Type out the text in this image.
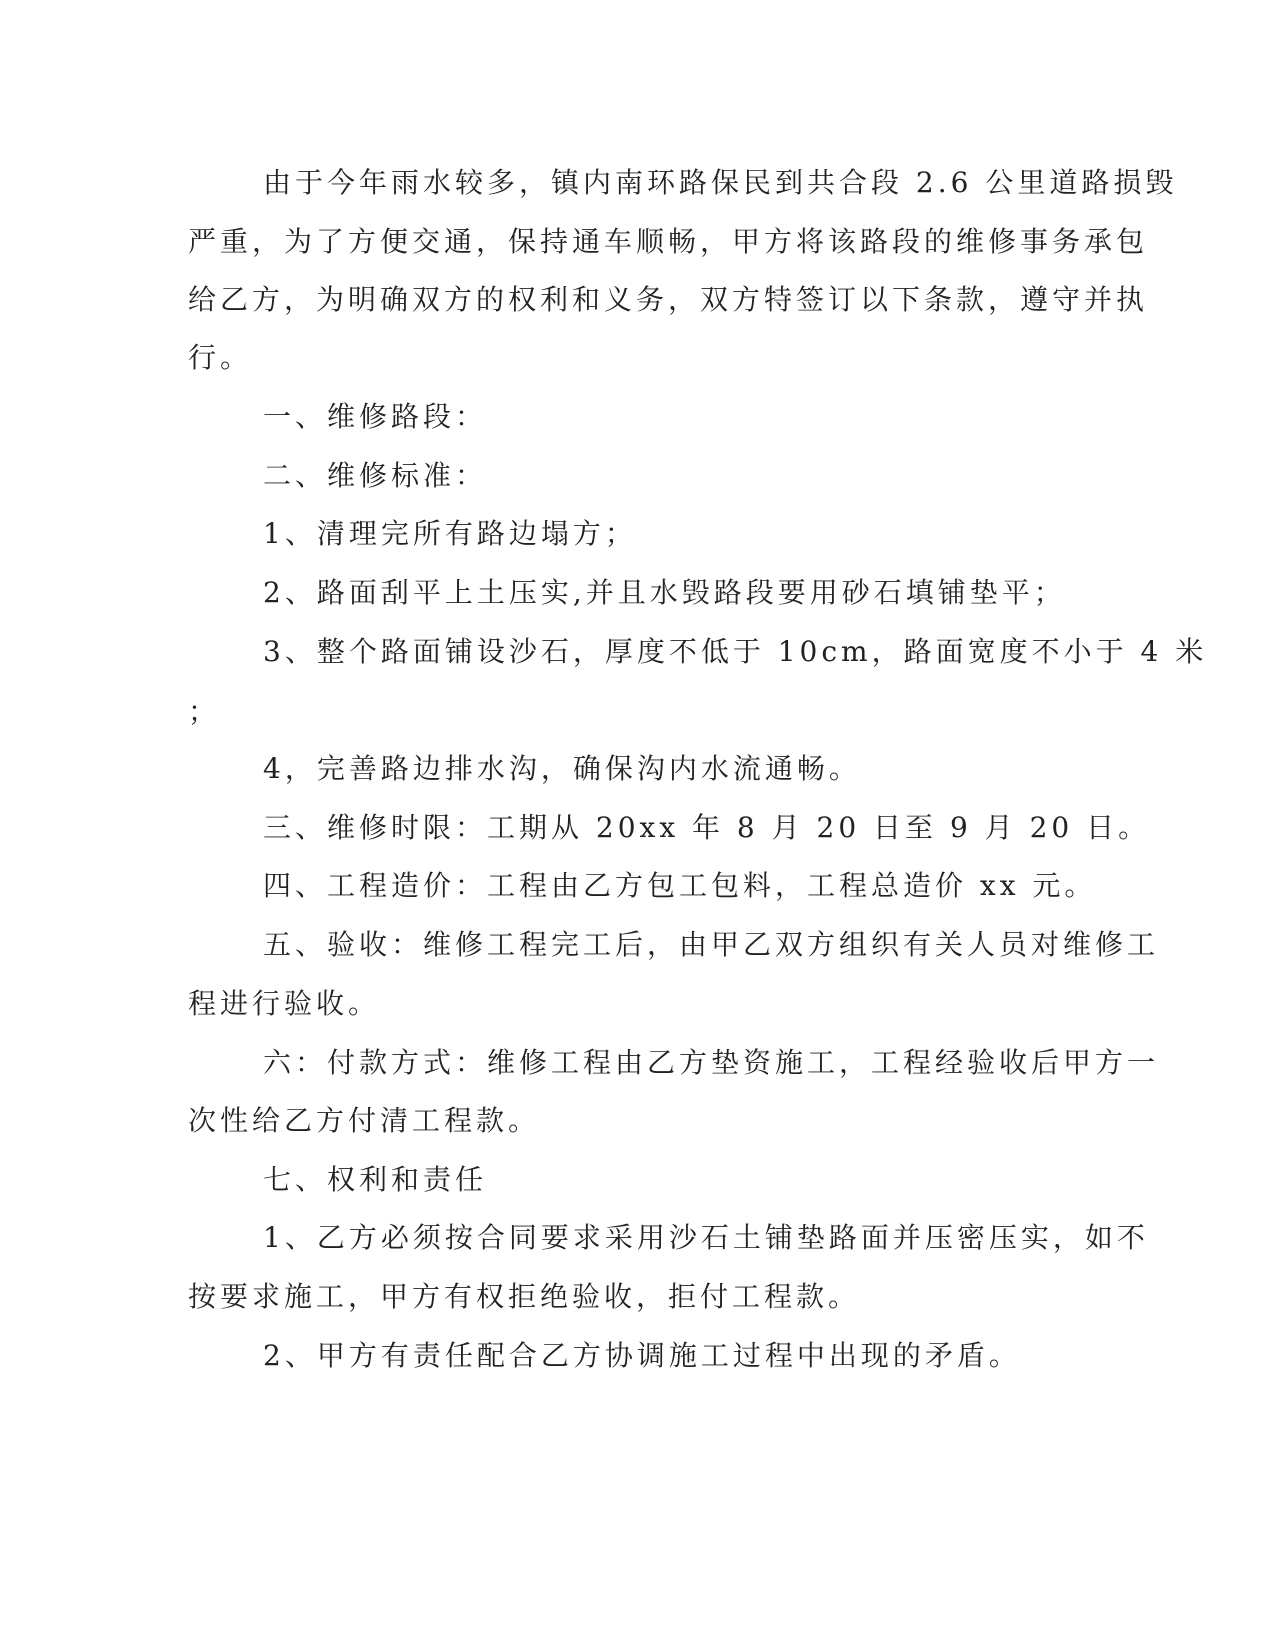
由于今年雨水较多，镇内南环路保民到共合段 2.6 公里道路损毁

严重，为了方便交通，保持通车顺畅，甲方将该路段的维修事务承包

给乙方，为明确双方的权利和义务，双方特签订以下条款，遵守并执

行。

一、维修路段：

二、维修标准：

1、清理完所有路边塌方；

2、路面刮平上土压实,并且水毁路段要用砂石填铺垫平；

3、整个路面铺设沙石，厚度不低于 10cm，路面宽度不小于 4 米

；

4，完善路边排水沟，确保沟内水流通畅。

三、维修时限：工期从 20xx 年 8 月 20 日至 9 月 20 日。

四、工程造价：工程由乙方包工包料，工程总造价 xx 元。

五、验收：维修工程完工后，由甲乙双方组织有关人员对维修工

程进行验收。

六：付款方式：维修工程由乙方垫资施工，工程经验收后甲方一

次性给乙方付清工程款。

七、权利和责任

1、乙方必须按合同要求采用沙石土铺垫路面并压密压实，如不

按要求施工，甲方有权拒绝验收，拒付工程款。

2、甲方有责任配合乙方协调施工过程中出现的矛盾。
